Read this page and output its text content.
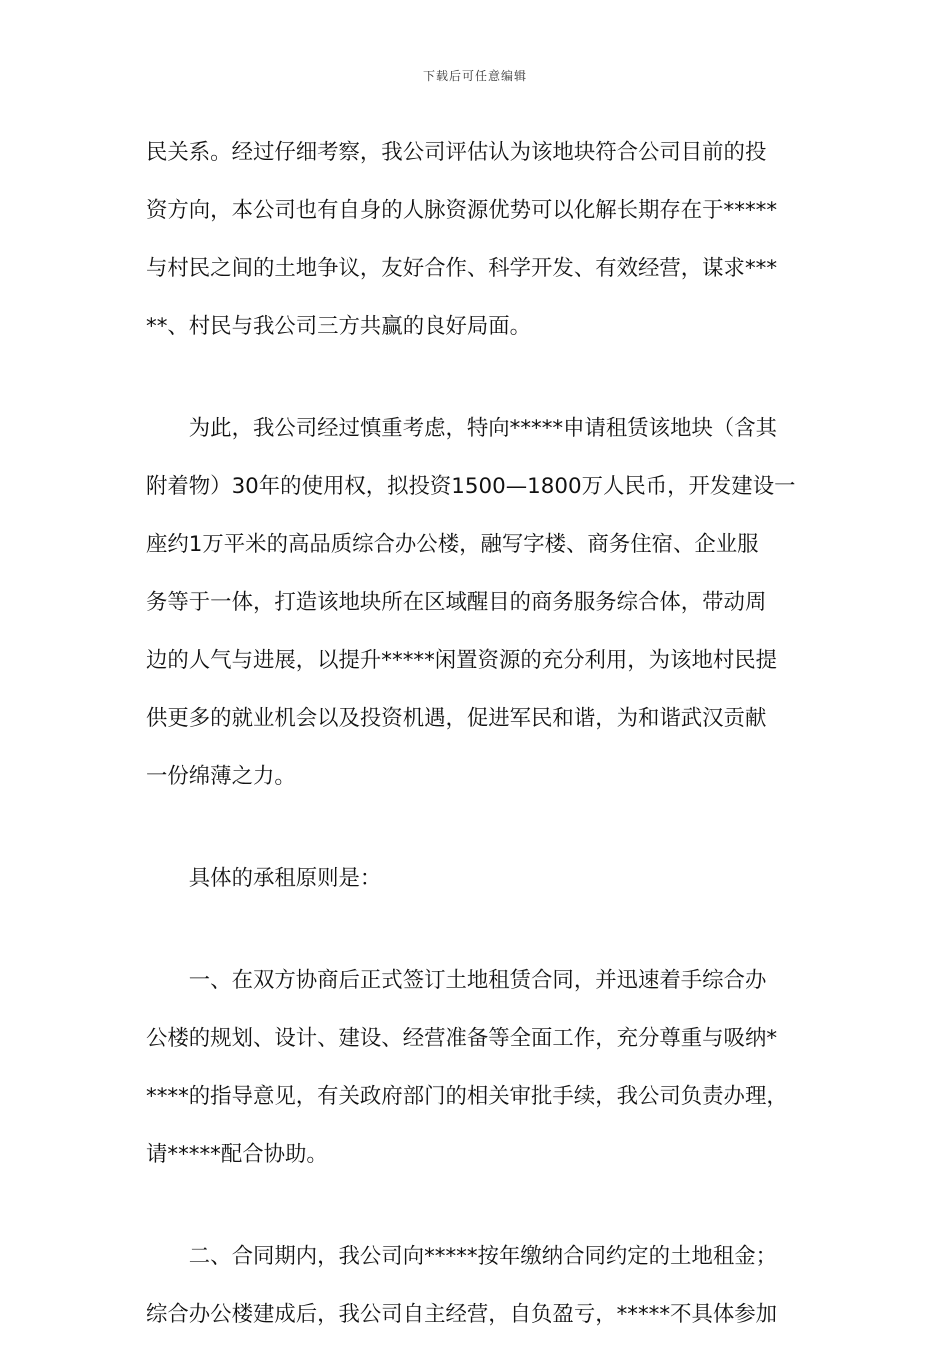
下载后可任意编辑
民关系。经过仔细考察，我公司评估认为该地块符合公司目前的投
资方向，本公司也有自身的人脉资源优势可以化解长期存在于*****
与村民之间的土地争议，友好合作、科学开发、有效经营，谋求***
**、村民与我公司三方共赢的良好局面。
　　为此，我公司经过慎重考虑，特向*****申请租赁该地块（含其
附着物）30年的使用权，拟投资1500—1800万人民币，开发建设一
座约1万平米的高品质综合办公楼，融写字楼、商务住宿、企业服
务等于一体，打造该地块所在区域醒目的商务服务综合体，带动周
边的人气与进展，以提升*****闲置资源的充分利用，为该地村民提
供更多的就业机会以及投资机遇，促进军民和谐，为和谐武汉贡献
一份绵薄之力。
　　具体的承租原则是：
　　一、在双方协商后正式签订土地租赁合同，并迅速着手综合办
公楼的规划、设计、建设、经营准备等全面工作，充分尊重与吸纳*
****的指导意见，有关政府部门的相关审批手续，我公司负责办理，
请*****配合协助。
　　二、合同期内，我公司向*****按年缴纳合同约定的土地租金；
综合办公楼建成后，我公司自主经营，自负盈亏，*****不具体参加
